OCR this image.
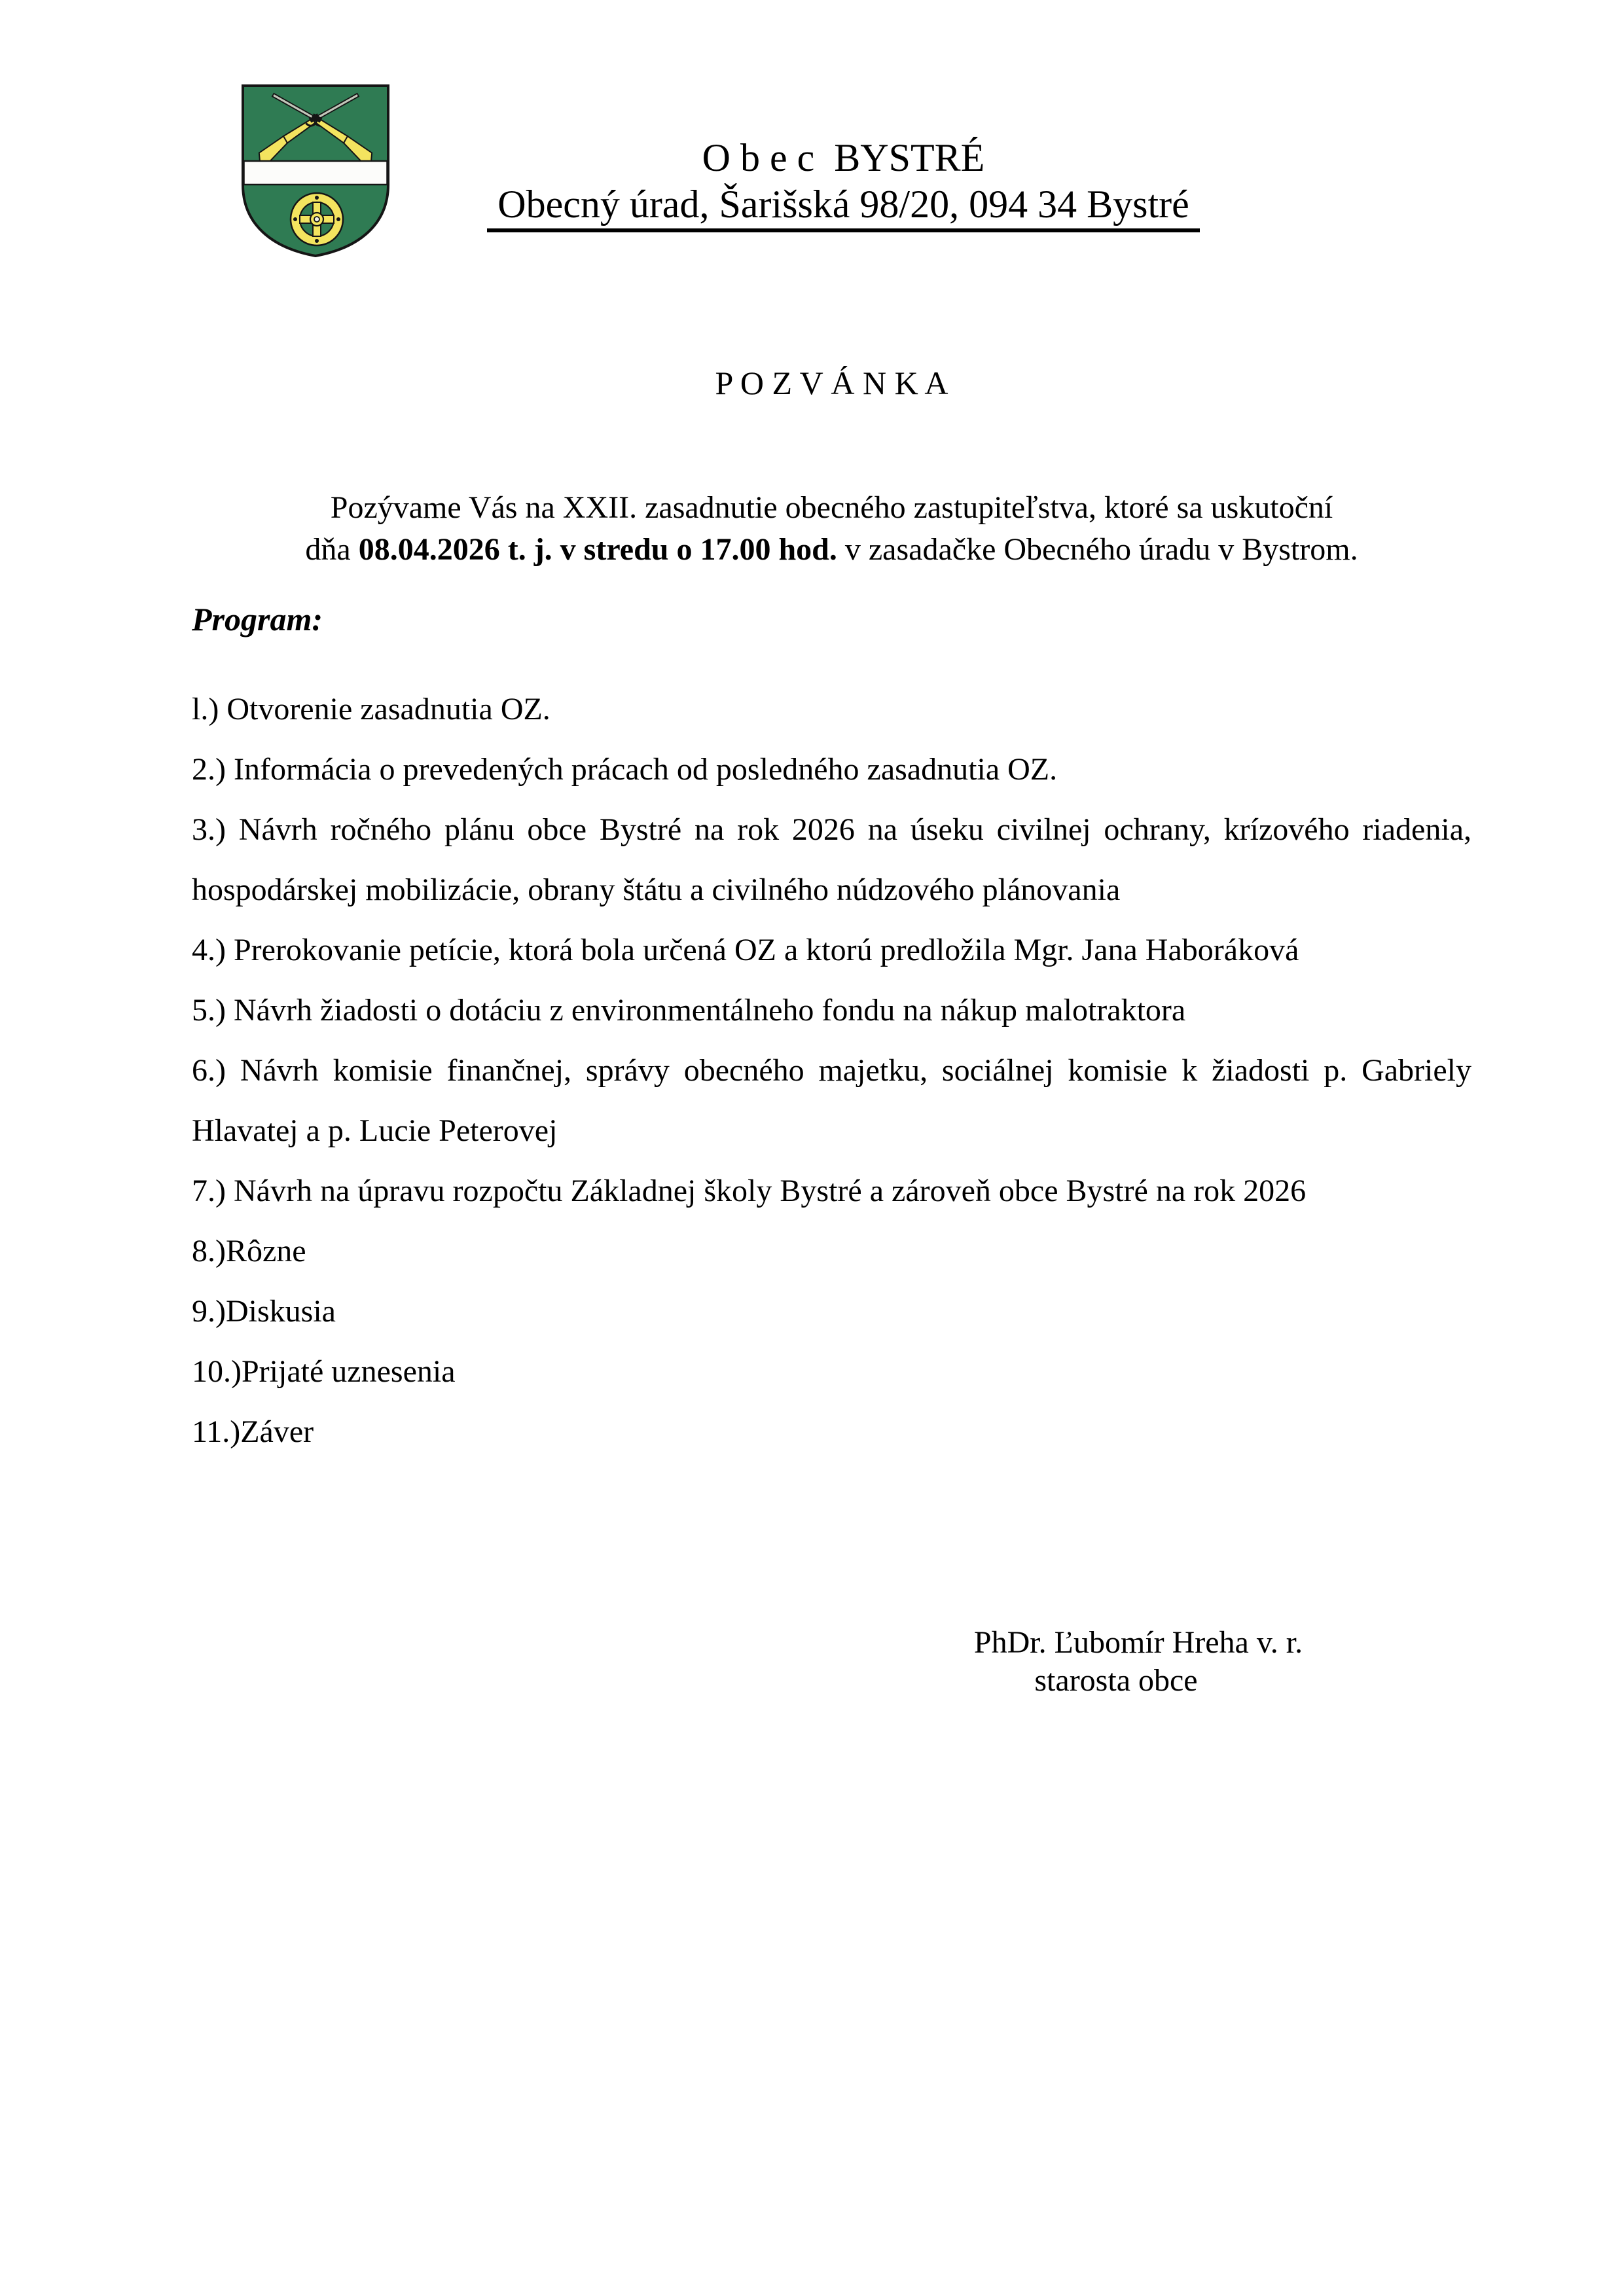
O b e c  BYSTRÉ
Obecný úrad, Šarišská 98/20, 094 34 Bystré
P O Z V Á N K A
Pozývame Vás na XXII. zasadnutie obecného zastupiteľstva, ktoré sa uskutoční
dňa 08.04.2026 t. j. v stredu o 17.00 hod. v zasadačke Obecného úradu v Bystrom.
Program:
l.) Otvorenie zasadnutia OZ.
2.) Informácia o prevedených prácach od posledného zasadnutia OZ.
3.) Návrh ročného plánu obce Bystré na rok 2026 na úseku civilnej ochrany, krízového riadenia,
hospodárskej mobilizácie, obrany štátu a civilného núdzového plánovania
4.) Prerokovanie petície, ktorá bola určená OZ a ktorú predložila Mgr. Jana Haboráková
5.) Návrh žiadosti o dotáciu z environmentálneho fondu na nákup malotraktora
6.) Návrh komisie finančnej, správy obecného majetku, sociálnej komisie k žiadosti p. Gabriely
Hlavatej a p. Lucie Peterovej
7.) Návrh na úpravu rozpočtu Základnej školy Bystré a zároveň obce Bystré na rok 2026
8.)Rôzne
9.)Diskusia
10.)Prijaté uznesenia
11.)Záver
PhDr. Ľubomír Hreha v. r.
starosta obce
